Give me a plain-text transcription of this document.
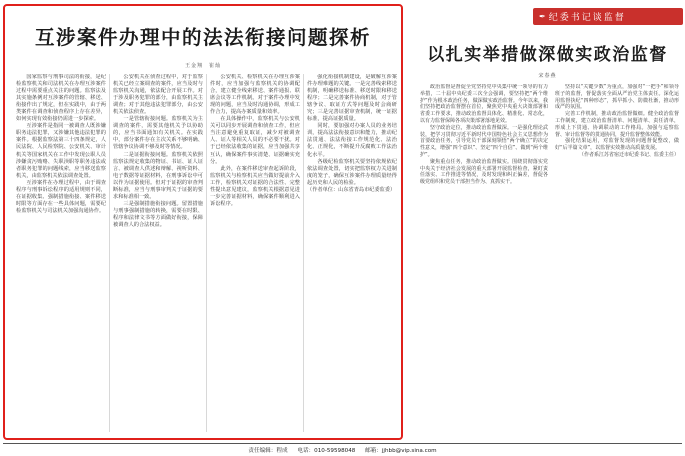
互涉案件办理中的法法衔接问题探析
王金翔　崔灿

国家监察与刑事司法的衔接，是纪检监察机关和司法机关在办理互涉案件过程中需要重点关注的问题。监察法及其实施条例对互涉案件的管辖、移送、衔接作出了规定，但在实践中，由于两类案件在调查和侦查程序上存在差异，如何实现有效衔接仍需进一步探索。

互涉案件是指同一被调查人既涉嫌职务违法犯罪，又涉嫌其他违法犯罪的案件。根据监察法第三十四条规定，人民法院、人民检察院、公安机关、审计机关等国家机关在工作中发现公职人员涉嫌贪污贿赂、失职渎职等职务违法或者职务犯罪的问题线索，应当移送监察机关，由监察机关依法调查处置。

互涉案件在办理过程中，由于调查程序与刑事诉讼程序的适用规则不同，在证据收集、强制措施衔接、案件移送时限等方面存在一些具体问题，需要纪检监察机关与司法机关加强沟通协作。

公安机关在侦查过程中，对于监察机关已经立案调查的案件，应当及时与监察机关沟通，依法配合开展工作。对于涉及职务犯罪的部分，由监察机关主调查；对于其他违法犯罪部分，由公安机关依法侦查。

一是管辖衔接问题。监察机关为主调查的案件，需要其他机关予以协助的，应当书面通知有关机关。在实践中，部分案件存在主次关系不够明确、管辖争议协调不够及时等情况。

二是证据衔接问题。监察机关依照监察法规定收集的物证、书证、证人证言、被调查人供述和辩解、视听资料、电子数据等证据材料，在刑事诉讼中可以作为证据使用。但对于证据的审查判断标准，应当与刑事审判关于证据的要求和标准相一致。

三是强制措施衔接问题。留置措施与刑事强制措施的转换，需要在时限、程序和法律文书等方面做好衔接，保障被调查人的合法权益。

公安机关、检察机关在办理互涉案件时，应当加强与监察机关的协调配合，建立健全线索移送、案件通报、联席会议等工作机制。对于案件办理中发现的问题，应当及时沟通协调，形成工作合力，提高办案质量和效率。

在具体操作中，监察机关与公安机关可以同步开展调查和侦查工作，但应当注意避免重复取证，减少对被调查人、证人等相关人员的不必要干扰。对于已经依法收集的证据，应当加强共享互认，确保案件事实清楚、证据确实充分。

此外，在案件移送审查起诉阶段，监察机关与检察机关应当做好提前介入工作，检察机关对证据的合法性、完整性提出意见建议，监察机关根据意见进一步完善证据材料，确保案件顺利进入诉讼程序。

强化衔接机制建设，是破解互涉案件办理难题的关键。一是完善线索移送机制，明确移送标准、移送时限和移送程序；二是完善案件协商机制，对于管辖争议、取证方式等问题及时会商研究；三是完善证据审查机制，统一证据标准，提高证据质量。

同时，要加强对办案人员的业务培训，提高法法衔接意识和能力，推动纪法贯通、法法衔接工作规范化、法治化、正规化，不断提升反腐败工作法治化水平。

各级纪检监察机关要坚持依规依纪依法调查处置，切实把监察权力关进制度的笼子，确保互涉案件办理质量经得起历史和人民的检验。

（作者单位：山东省青岛市纪委监委）

✒ 纪委书记谈监督
以扎实举措做深做实政治监督
宋春燕

政治监督是督促全党坚持党中央集中统一领导的有力举措，二十届中央纪委三次全会强调，要坚持把“两个维护”作为根本政治任务，做深做实政治监督。今年以来，我们坚持把政治监督摆在首位，聚焦党中央重大决策部署和省委工作要求，推动政治监督具体化、精准化、常态化，以有力监督保障各项决策部署落地见效。

坚守政治定位，推动政治监督做深。一是强化理论武装，把学习贯彻习近平新时代中国特色社会主义思想作为首要政治任务，引导党员干部深刻领悟“两个确立”的决定性意义，增强“四个意识”、坚定“四个自信”、做到“两个维护”。

聚焦重点任务，推动政治监督做实。围绕贯彻落实党中央关于经济社会发展的重大部署开展监督检查，紧盯责任落实、工作推进等情况，及时发现和纠正偏差，督促各级党组织和党员干部担当作为、真抓实干。

坚持以“关键少数”为重点，加强对“一把手”和领导班子的监督，督促落实全面从严治党主体责任。深化运用监督执纪“四种形态”，抓早抓小、防微杜渐，推动形成严的氛围。

完善工作机制，推动政治监督做细。健全政治监督工作制度，建立政治监督清单、问题清单、责任清单，形成上下贯通、协调联动的工作格局。加强与巡察监督、审计监督等的贯通协同，提升监督整体效能。

强化结果运用，对监督发现的问题督促整改，做好“后半篇文章”，以监督实效推动高质量发展。

（作者系江苏省宿迁市纪委书记、监委主任）

责任编辑：程成 电话：010-59598048 邮箱：jjhbb@vip.sina.com
